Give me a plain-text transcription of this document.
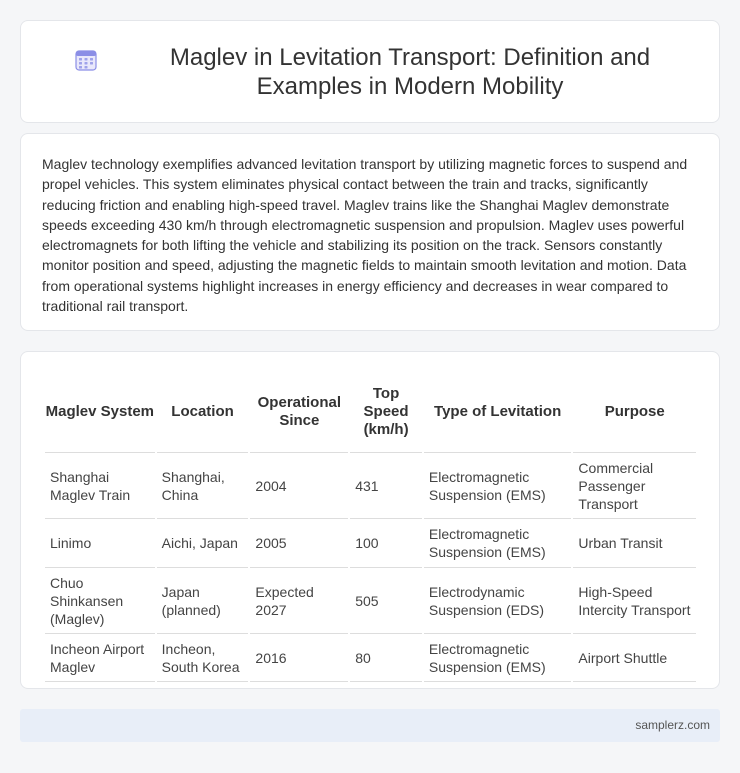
Maglev in Levitation Transport: Definition and Examples in Modern Mobility

Maglev technology exemplifies advanced levitation transport by utilizing magnetic forces to suspend and propel vehicles. This system eliminates physical contact between the train and tracks, significantly reducing friction and enabling high-speed travel. Maglev trains like the Shanghai Maglev demonstrate speeds exceeding 430 km/h through electromagnetic suspension and propulsion. Maglev uses powerful electromagnets for both lifting the vehicle and stabilizing its position on the track. Sensors constantly monitor position and speed, adjusting the magnetic fields to maintain smooth levitation and motion. Data from operational systems highlight increases in energy efficiency and decreases in wear compared to traditional rail transport.

Maglev System	Location	Operational Since	Top Speed (km/h)	Type of Levitation	Purpose
Shanghai Maglev Train	Shanghai, China	2004	431	Electromagnetic Suspension (EMS)	Commercial Passenger Transport
Linimo	Aichi, Japan	2005	100	Electromagnetic Suspension (EMS)	Urban Transit
Chuo Shinkansen (Maglev)	Japan (planned)	Expected 2027	505	Electrodynamic Suspension (EDS)	High-Speed Intercity Transport
Incheon Airport Maglev	Incheon, South Korea	2016	80	Electromagnetic Suspension (EMS)	Airport Shuttle
samplerz.com
